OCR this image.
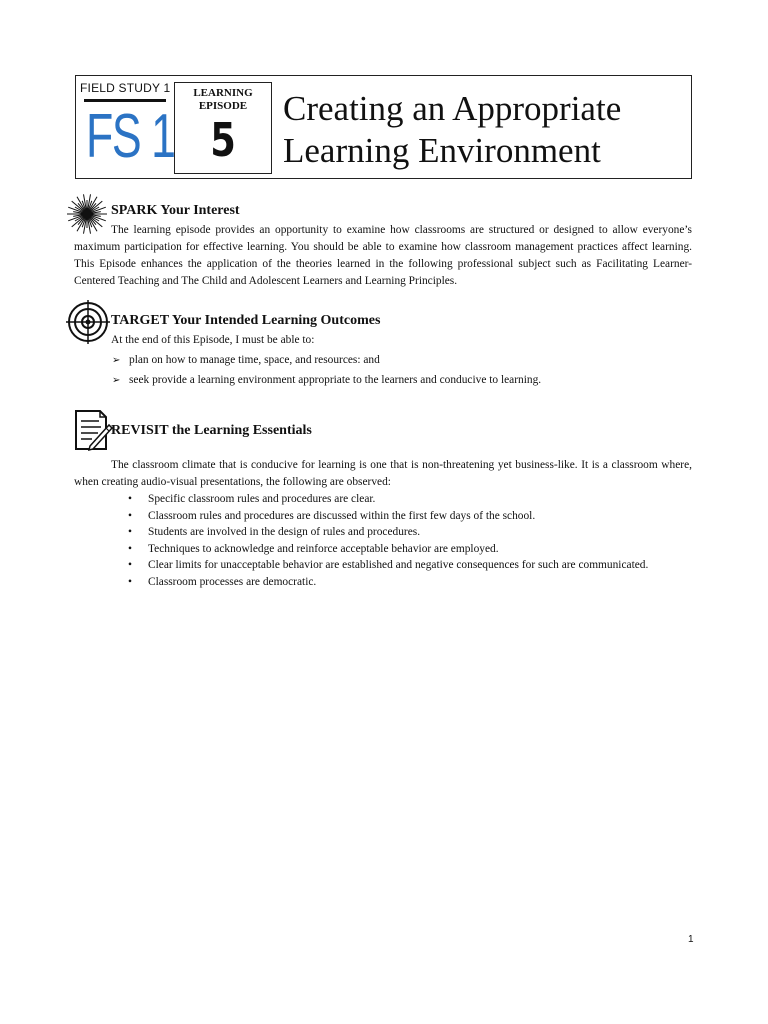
FIELD STUDY 1
FS 1
LEARNING
EPISODE
5
Creating an Appropriate
Learning Environment
SPARK Your Interest
The learning episode provides an opportunity to examine how classrooms are structured or designed to allow everyone’s maximum participation for effective learning. You should be able to examine how classroom management practices affect learning. This Episode enhances the application of the theories learned in the following professional subject such as Facilitating Learner-Centered Teaching and The Child and Adolescent Learners and Learning Principles.
TARGET Your Intended Learning Outcomes
At the end of this Episode, I must be able to:
➢ plan on how to manage time, space, and resources: and
➢ seek provide a learning environment appropriate to the learners and conducive to learning.
REVISIT the Learning Essentials
The classroom climate that is conducive for learning is one that is non-threatening yet business-like. It is a classroom where, when creating audio-visual presentations, the following are observed:
• Specific classroom rules and procedures are clear.
• Classroom rules and procedures are discussed within the first few days of the school.
• Students are involved in the design of rules and procedures.
• Techniques to acknowledge and reinforce acceptable behavior are employed.
• Clear limits for unacceptable behavior are established and negative consequences for such are communicated.
• Classroom processes are democratic.
1
